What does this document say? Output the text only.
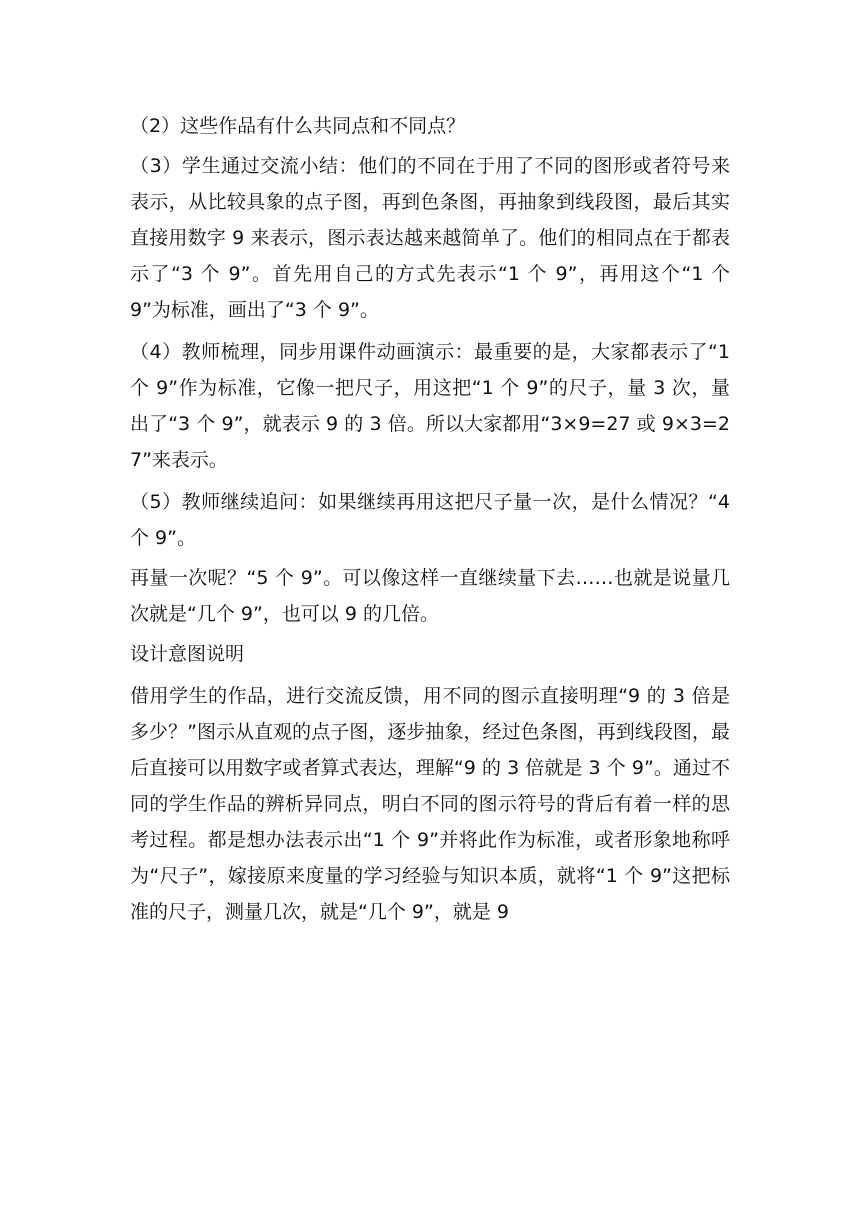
（2）这些作品有什么共同点和不同点？

（3）学生通过交流小结：他们的不同在于用了不同的图形或者符号来表示，从比较具象的点子图，再到色条图，再抽象到线段图，最后其实直接用数字 9 来表示，图示表达越来越简单了。他们的相同点在于都表示了“3 个 9”。首先用自己的方式先表示“1 个 9”，再用这个“1 个 9”为标准，画出了“3 个 9”。

（4）教师梳理，同步用课件动画演示：最重要的是，大家都表示了“1 个 9”作为标准，它像一把尺子，用这把“1 个 9”的尺子，量 3 次，量出了“3 个 9”，就表示 9 的 3 倍。所以大家都用“3×9=27 或 9×3=27”来表示。

（5）教师继续追问：如果继续再用这把尺子量一次，是什么情况？“4 个 9”。

再量一次呢？“5 个 9”。可以像这样一直继续量下去……也就是说量几次就是“几个 9”，也可以 9 的几倍。

设计意图说明

借用学生的作品，进行交流反馈，用不同的图示直接明理“9 的 3 倍是多少？”图示从直观的点子图，逐步抽象，经过色条图，再到线段图，最后直接可以用数字或者算式表达，理解“9 的 3 倍就是 3 个 9”。通过不同的学生作品的辨析异同点，明白不同的图示符号的背后有着一样的思考过程。都是想办法表示出“1 个 9”并将此作为标准，或者形象地称呼为“尺子”，嫁接原来度量的学习经验与知识本质，就将“1 个 9”这把标准的尺子，测量几次，就是“几个 9”，就是 9
